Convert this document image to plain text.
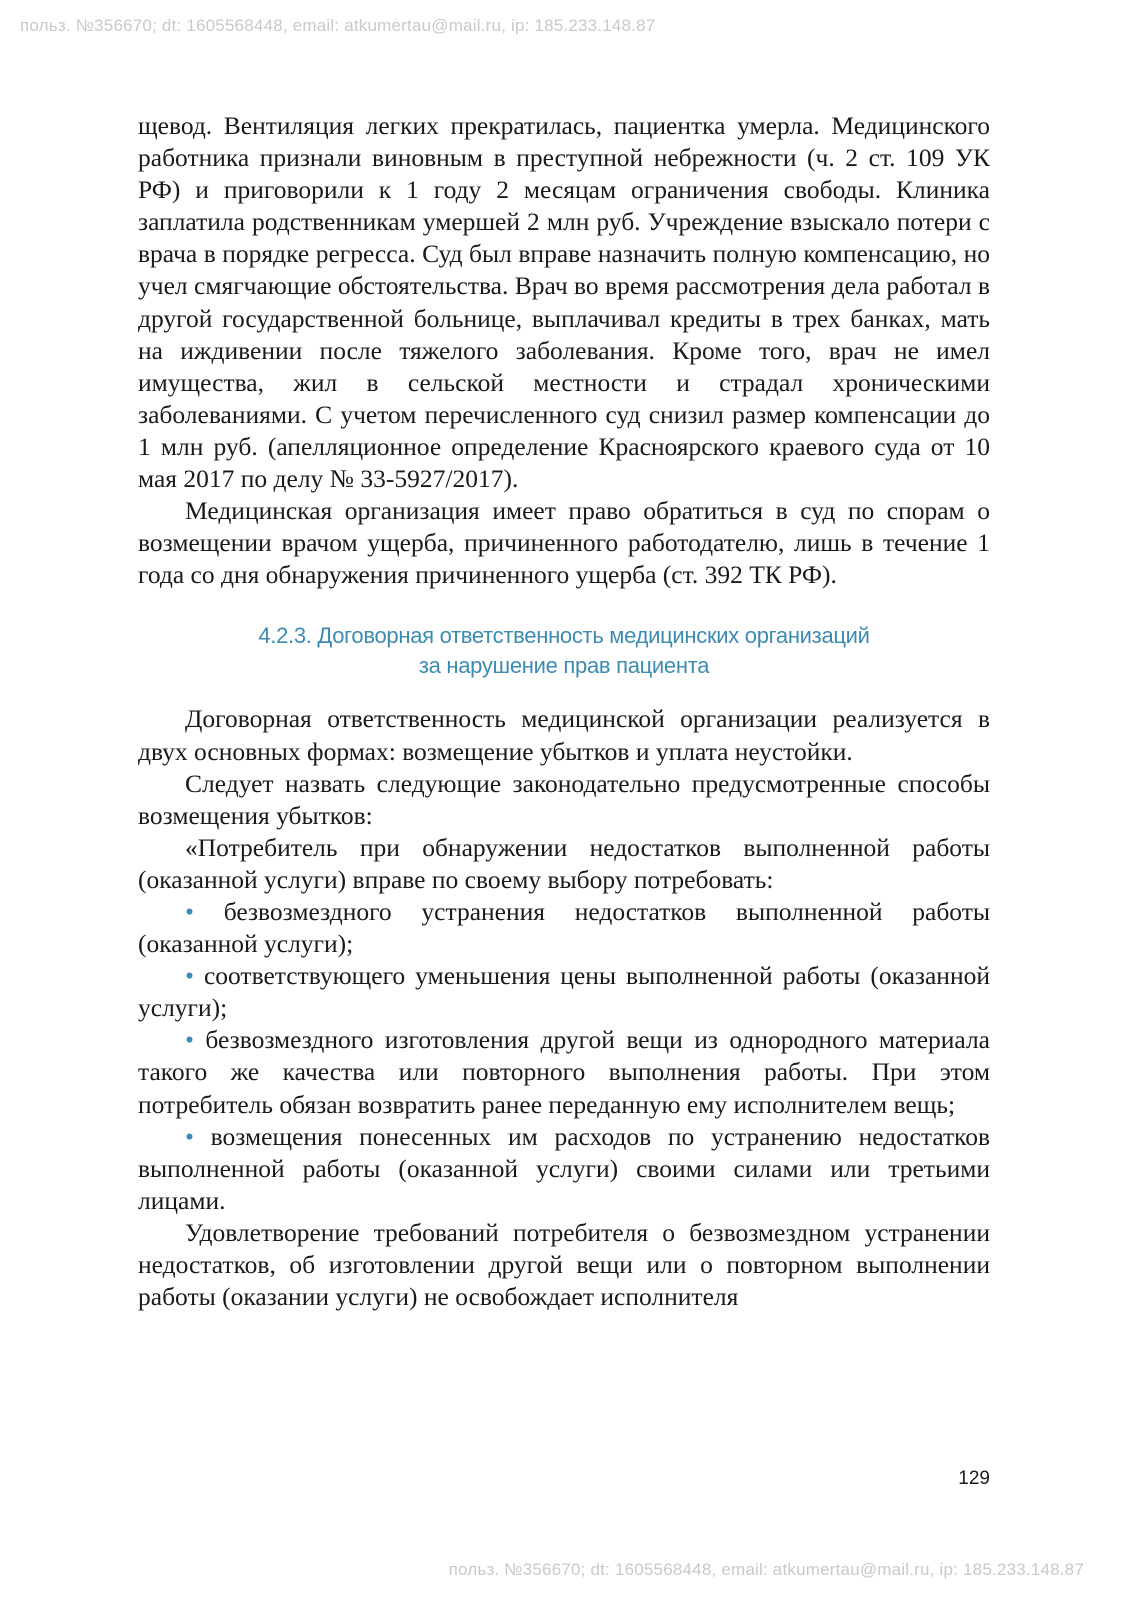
польз. №356670; dt: 1605568448, email: atkumertau@mail.ru, ip: 185.233.148.87

щевод. Вентиляция легких прекратилась, пациентка умерла. Медицинского работника признали виновным в преступной небрежности (ч. 2 ст. 109 УК РФ) и приговорили к 1 году 2 месяцам ограничения свободы. Клиника заплатила родственникам умершей 2 млн руб. Учреждение взыскало потери с врача в порядке регресса. Суд был вправе назначить полную компенсацию, но учел смягчающие обстоятельства. Врач во время рассмотрения дела работал в другой государственной больнице, выплачивал кредиты в трех банках, мать на иждивении после тяжелого заболевания. Кроме того, врач не имел имущества, жил в сельской местности и страдал хроническими заболеваниями. С учетом перечисленного суд снизил размер компенсации до 1 млн руб. (апелляционное определение Красноярского краевого суда от 10 мая 2017 по делу № 33-5927/2017).

Медицинская организация имеет право обратиться в суд по спорам о возмещении врачом ущерба, причиненного работодателю, лишь в течение 1 года со дня обнаружения причиненного ущерба (ст. 392 ТК РФ).

4.2.3. Договорная ответственность медицинских организаций
за нарушение прав пациента

Договорная ответственность медицинской организации реализуется в двух основных формах: возмещение убытков и уплата неустойки.

Следует назвать следующие законодательно предусмотренные способы возмещения убытков:

«Потребитель при обнаружении недостатков выполненной работы (оказанной услуги) вправе по своему выбору потребовать:

• безвозмездного устранения недостатков выполненной работы (оказанной услуги);

• соответствующего уменьшения цены выполненной работы (оказанной услуги);

• безвозмездного изготовления другой вещи из однородного материала такого же качества или повторного выполнения работы. При этом потребитель обязан возвратить ранее переданную ему исполнителем вещь;

• возмещения понесенных им расходов по устранению недостатков выполненной работы (оказанной услуги) своими силами или третьими лицами.

Удовлетворение требований потребителя о безвозмездном устранении недостатков, об изготовлении другой вещи или о повторном выполнении работы (оказании услуги) не освобождает исполнителя

129
польз. №356670; dt: 1605568448, email: atkumertau@mail.ru, ip: 185.233.148.87
